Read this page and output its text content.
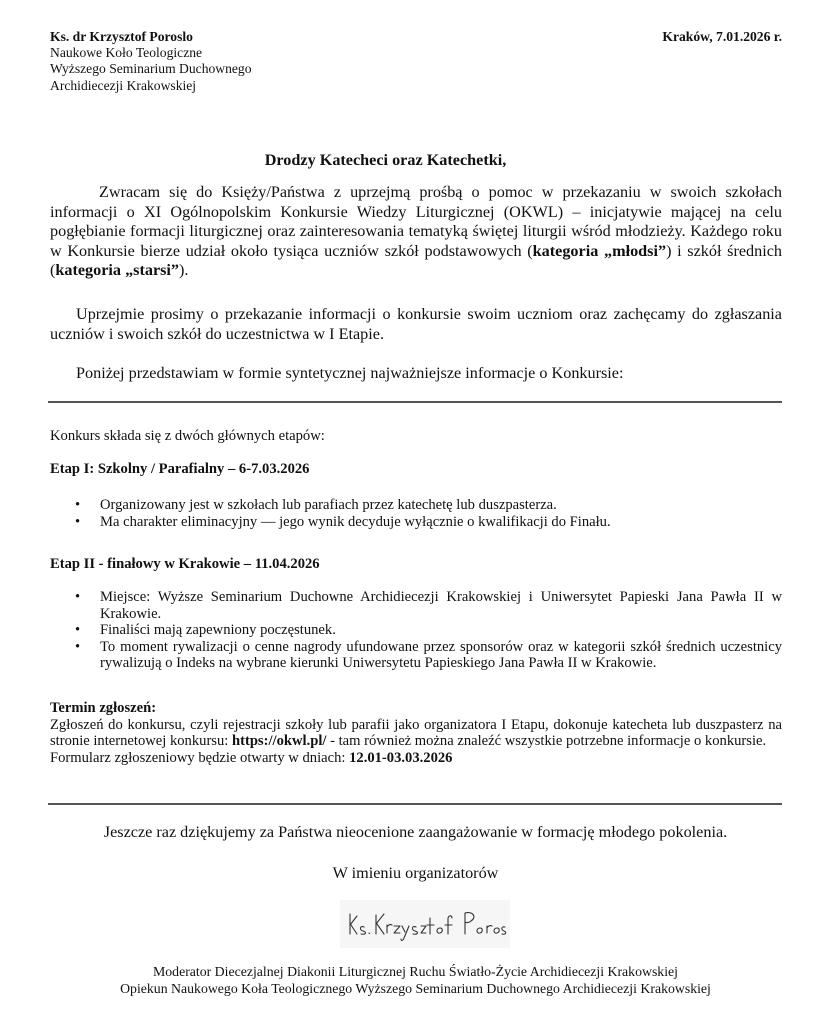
Ks. dr Krzysztof Poroslo
Naukowe Koło Teologiczne
Wyższego Seminarium Duchownego
Archidiecezji Krakowskiej
Kraków, 7.01.2026 r.
Drodzy Katecheci oraz Katechetki,
Zwracam się do Księży/Państwa z uprzejmą prośbą o pomoc w przekazaniu w swoich szkołach informacji o XI Ogólnopolskim Konkursie Wiedzy Liturgicznej (OKWL) – inicjatywie mającej na celu pogłębianie formacji liturgicznej oraz zainteresowania tematyką świętej liturgii wśród młodzieży. Każdego roku w Konkursie bierze udział około tysiąca uczniów szkół podstawowych (kategoria „młodsi”) i szkół średnich (kategoria „starsi”).
Uprzejmie prosimy o przekazanie informacji o konkursie swoim uczniom oraz zachęcamy do zgłaszania uczniów i swoich szkół do uczestnictwa w I Etapie.
Poniżej przedstawiam w formie syntetycznej najważniejsze informacje o Konkursie:
Konkurs składa się z dwóch głównych etapów:
Etap I: Szkolny / Parafialny – 6-7.03.2026
• Organizowany jest w szkołach lub parafiach przez katechetę lub duszpasterza.
• Ma charakter eliminacyjny — jego wynik decyduje wyłącznie o kwalifikacji do Finału.
Etap II - finałowy w Krakowie – 11.04.2026
• Miejsce: Wyższe Seminarium Duchowne Archidiecezji Krakowskiej i Uniwersytet Papieski Jana Pawła II w Krakowie.
• Finaliści mają zapewniony poczęstunek.
• To moment rywalizacji o cenne nagrody ufundowane przez sponsorów oraz w kategorii szkół średnich uczestnicy rywalizują o Indeks na wybrane kierunki Uniwersytetu Papieskiego Jana Pawła II w Krakowie.
Termin zgłoszeń:
Zgłoszeń do konkursu, czyli rejestracji szkoły lub parafii jako organizatora I Etapu, dokonuje katecheta lub duszpasterz na stronie internetowej konkursu: https://okwl.pl/ - tam również można znaleźć wszystkie potrzebne informacje o konkursie.
Formularz zgłoszeniowy będzie otwarty w dniach: 12.01-03.03.2026
Jeszcze raz dziękujemy za Państwa nieocenione zaangażowanie w formację młodego pokolenia.
W imieniu organizatorów
Moderator Diecezjalnej Diakonii Liturgicznej Ruchu Światło-Życie Archidiecezji Krakowskiej
Opiekun Naukowego Koła Teologicznego Wyższego Seminarium Duchownego Archidiecezji Krakowskiej
